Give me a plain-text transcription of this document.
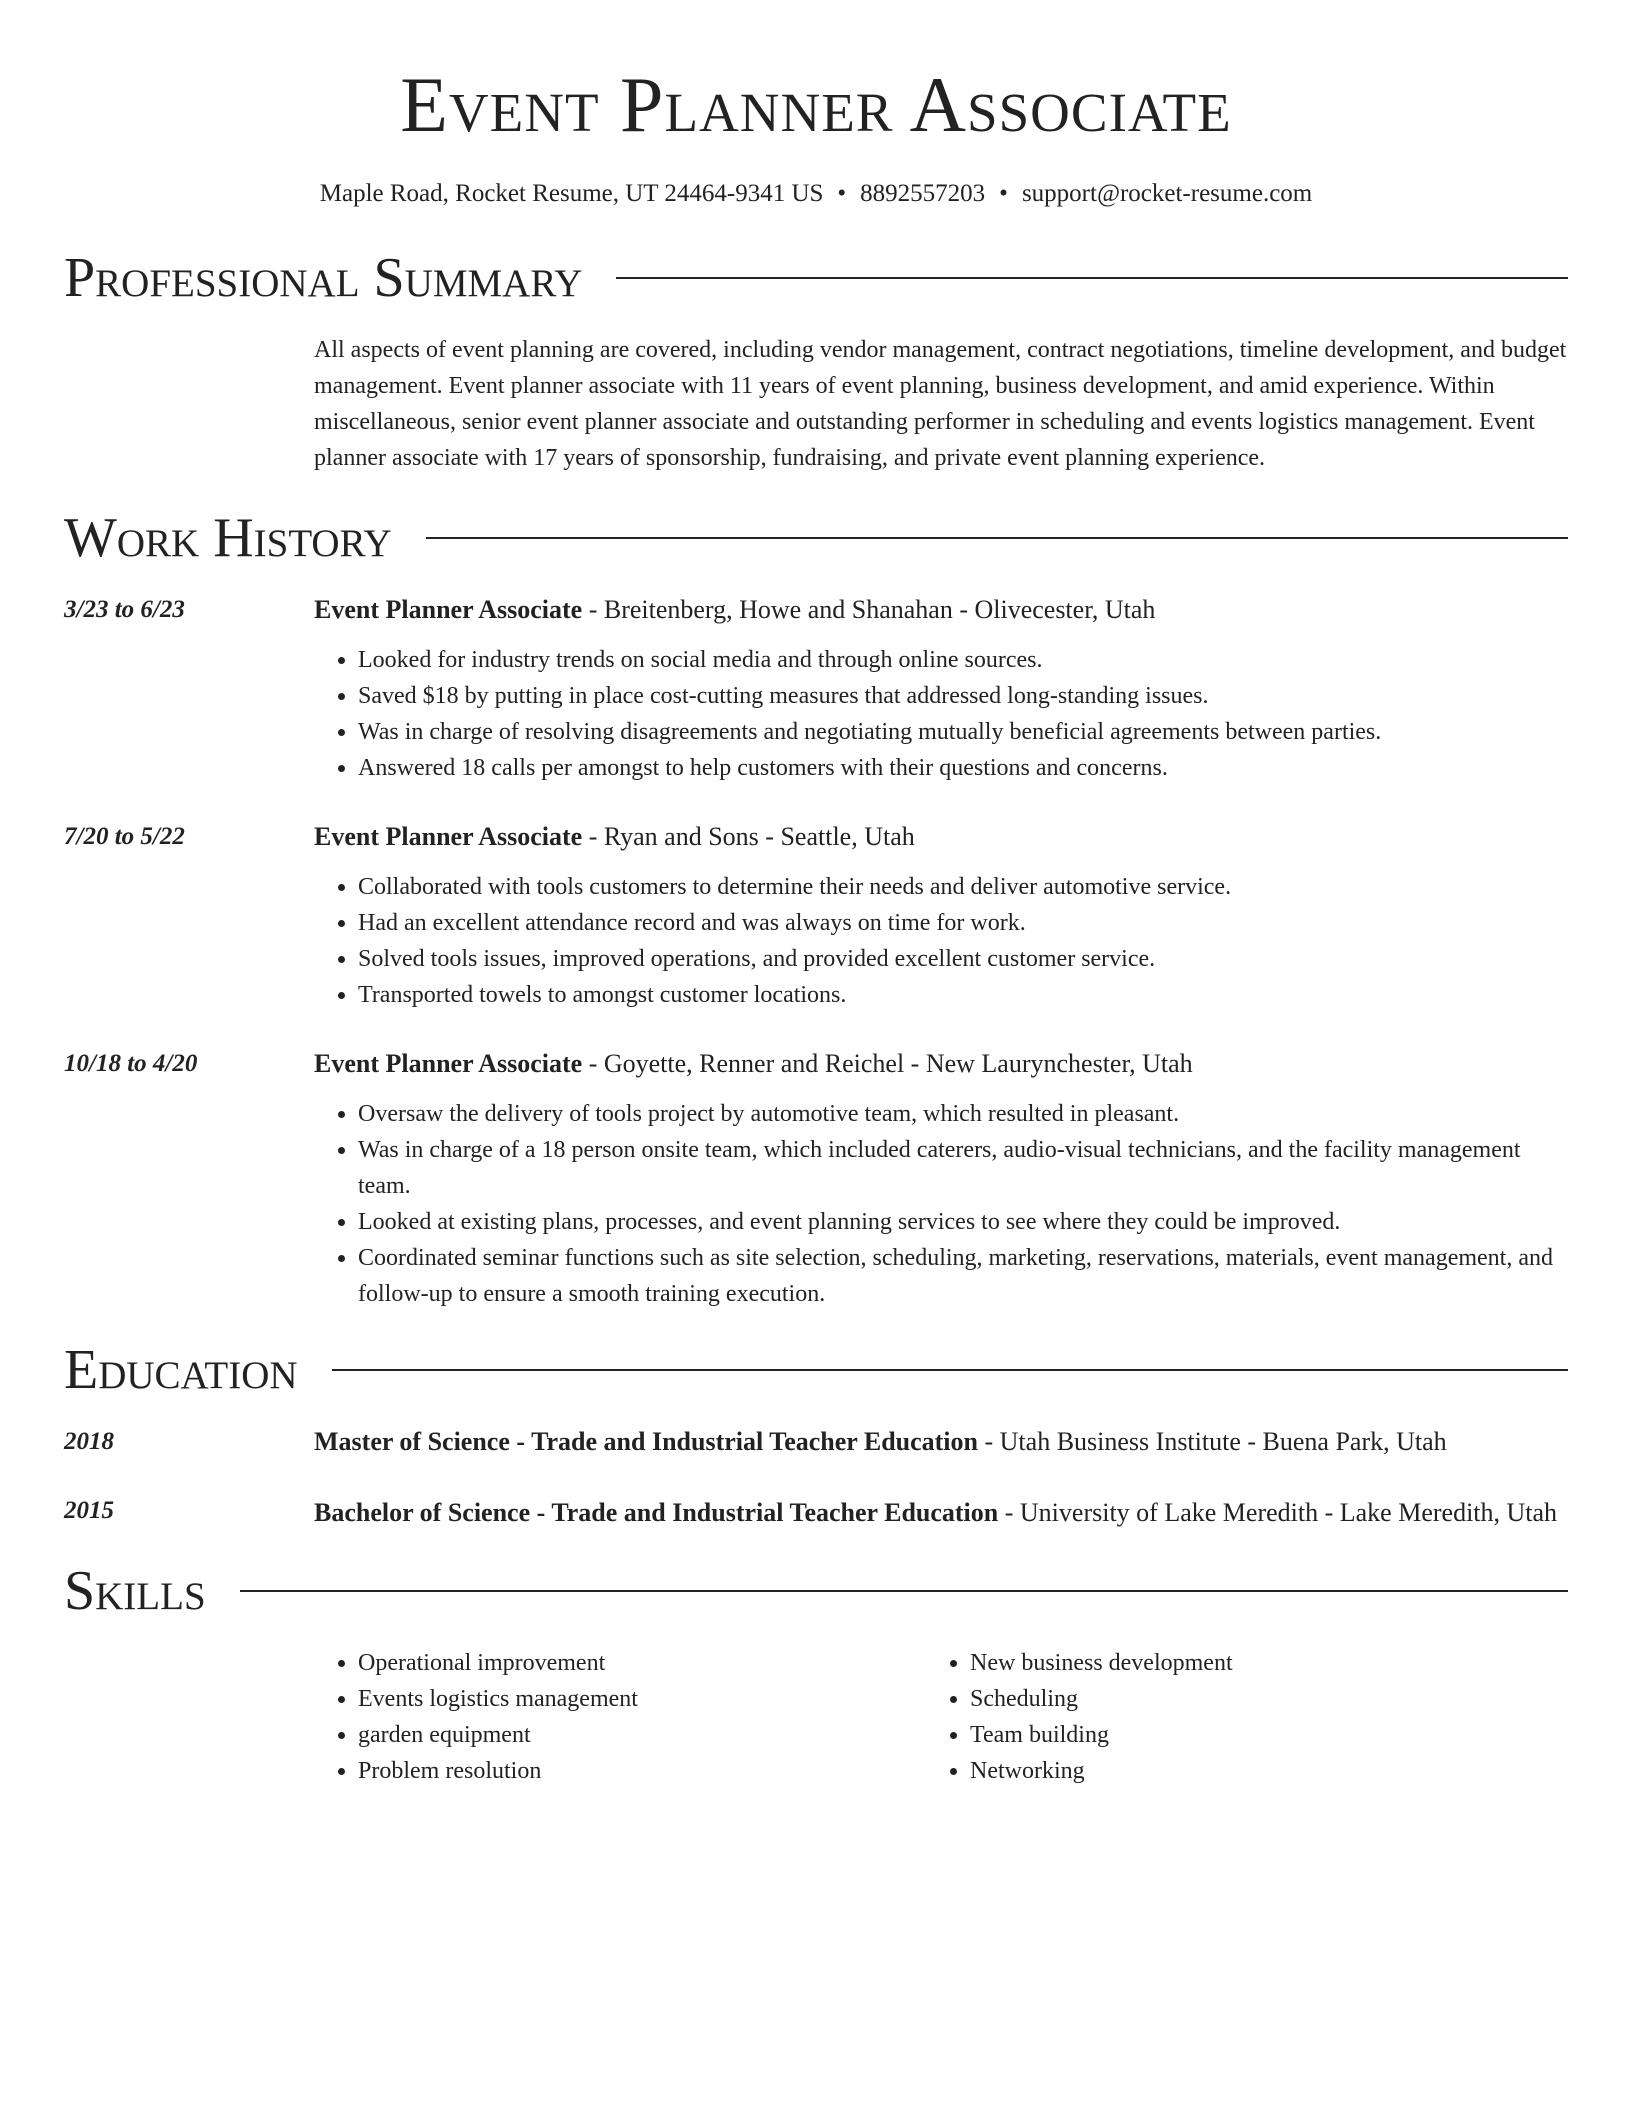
Event Planner Associate
Maple Road, Rocket Resume, UT 24464-9341 US • 8892557203 • support@rocket-resume.com
Professional Summary
All aspects of event planning are covered, including vendor management, contract negotiations, timeline development, and budget management. Event planner associate with 11 years of event planning, business development, and amid experience. Within miscellaneous, senior event planner associate and outstanding performer in scheduling and events logistics management. Event planner associate with 17 years of sponsorship, fundraising, and private event planning experience.
Work History
3/23 to 6/23	Event Planner Associate - Breitenberg, Howe and Shanahan - Olivecester, Utah
• Looked for industry trends on social media and through online sources.
• Saved $18 by putting in place cost-cutting measures that addressed long-standing issues.
• Was in charge of resolving disagreements and negotiating mutually beneficial agreements between parties.
• Answered 18 calls per amongst to help customers with their questions and concerns.
7/20 to 5/22	Event Planner Associate - Ryan and Sons - Seattle, Utah
• Collaborated with tools customers to determine their needs and deliver automotive service.
• Had an excellent attendance record and was always on time for work.
• Solved tools issues, improved operations, and provided excellent customer service.
• Transported towels to amongst customer locations.
10/18 to 4/20	Event Planner Associate - Goyette, Renner and Reichel - New Laurynchester, Utah
• Oversaw the delivery of tools project by automotive team, which resulted in pleasant.
• Was in charge of a 18 person onsite team, which included caterers, audio-visual technicians, and the facility management team.
• Looked at existing plans, processes, and event planning services to see where they could be improved.
• Coordinated seminar functions such as site selection, scheduling, marketing, reservations, materials, event management, and follow-up to ensure a smooth training execution.
Education
2018	Master of Science - Trade and Industrial Teacher Education - Utah Business Institute - Buena Park, Utah
2015	Bachelor of Science - Trade and Industrial Teacher Education - University of Lake Meredith - Lake Meredith, Utah
Skills
• Operational improvement
• Events logistics management
• garden equipment
• Problem resolution
• New business development
• Scheduling
• Team building
• Networking
